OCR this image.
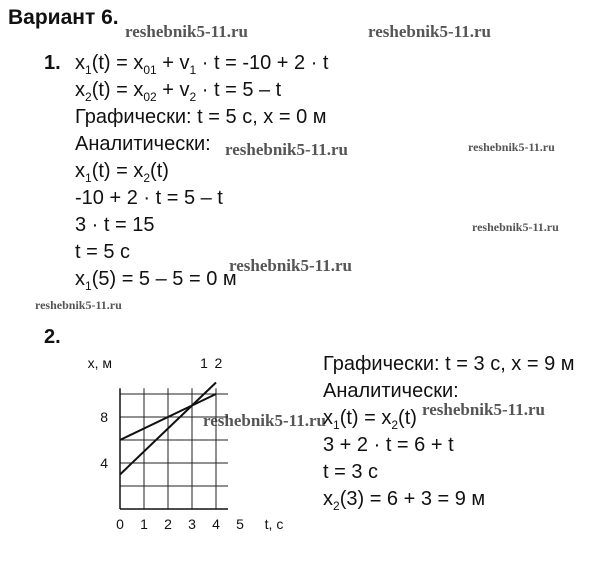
Вариант 6.
reshebnik5-11.ru	reshebnik5-11.ru
reshebnik5-11.ru	reshebnik5-11.ru
reshebnik5-11.ru
reshebnik5-11.ru
reshebnik5-11.ru
reshebnik5-11.ru
reshebnik5-11.ru
1. $x_1(t) = x_{01} + v_1 \cdot t = -10 + 2 \cdot t$
$x_2(t) = x_{02} + v_2 \cdot t = 5 - t$
Графически: t = 5 с, x = 0 м
Аналитически:
$x_1(t) = x_2(t)$
-10 + 2 · t = 5 – t
3 · t = 15
t = 5 с
$x_1(5) = 5 - 5 = 0$ м
2.
0 1 2 3 4 5
4
8
x, м
t, с
1 2	Графически: t = 3 с, x = 9 м
Аналитически:
$x_1(t) = x_2(t)$
3 + 2 · t = 6 + t
t = 3 с
$x_2(3) = 6 + 3 = 9$ м
